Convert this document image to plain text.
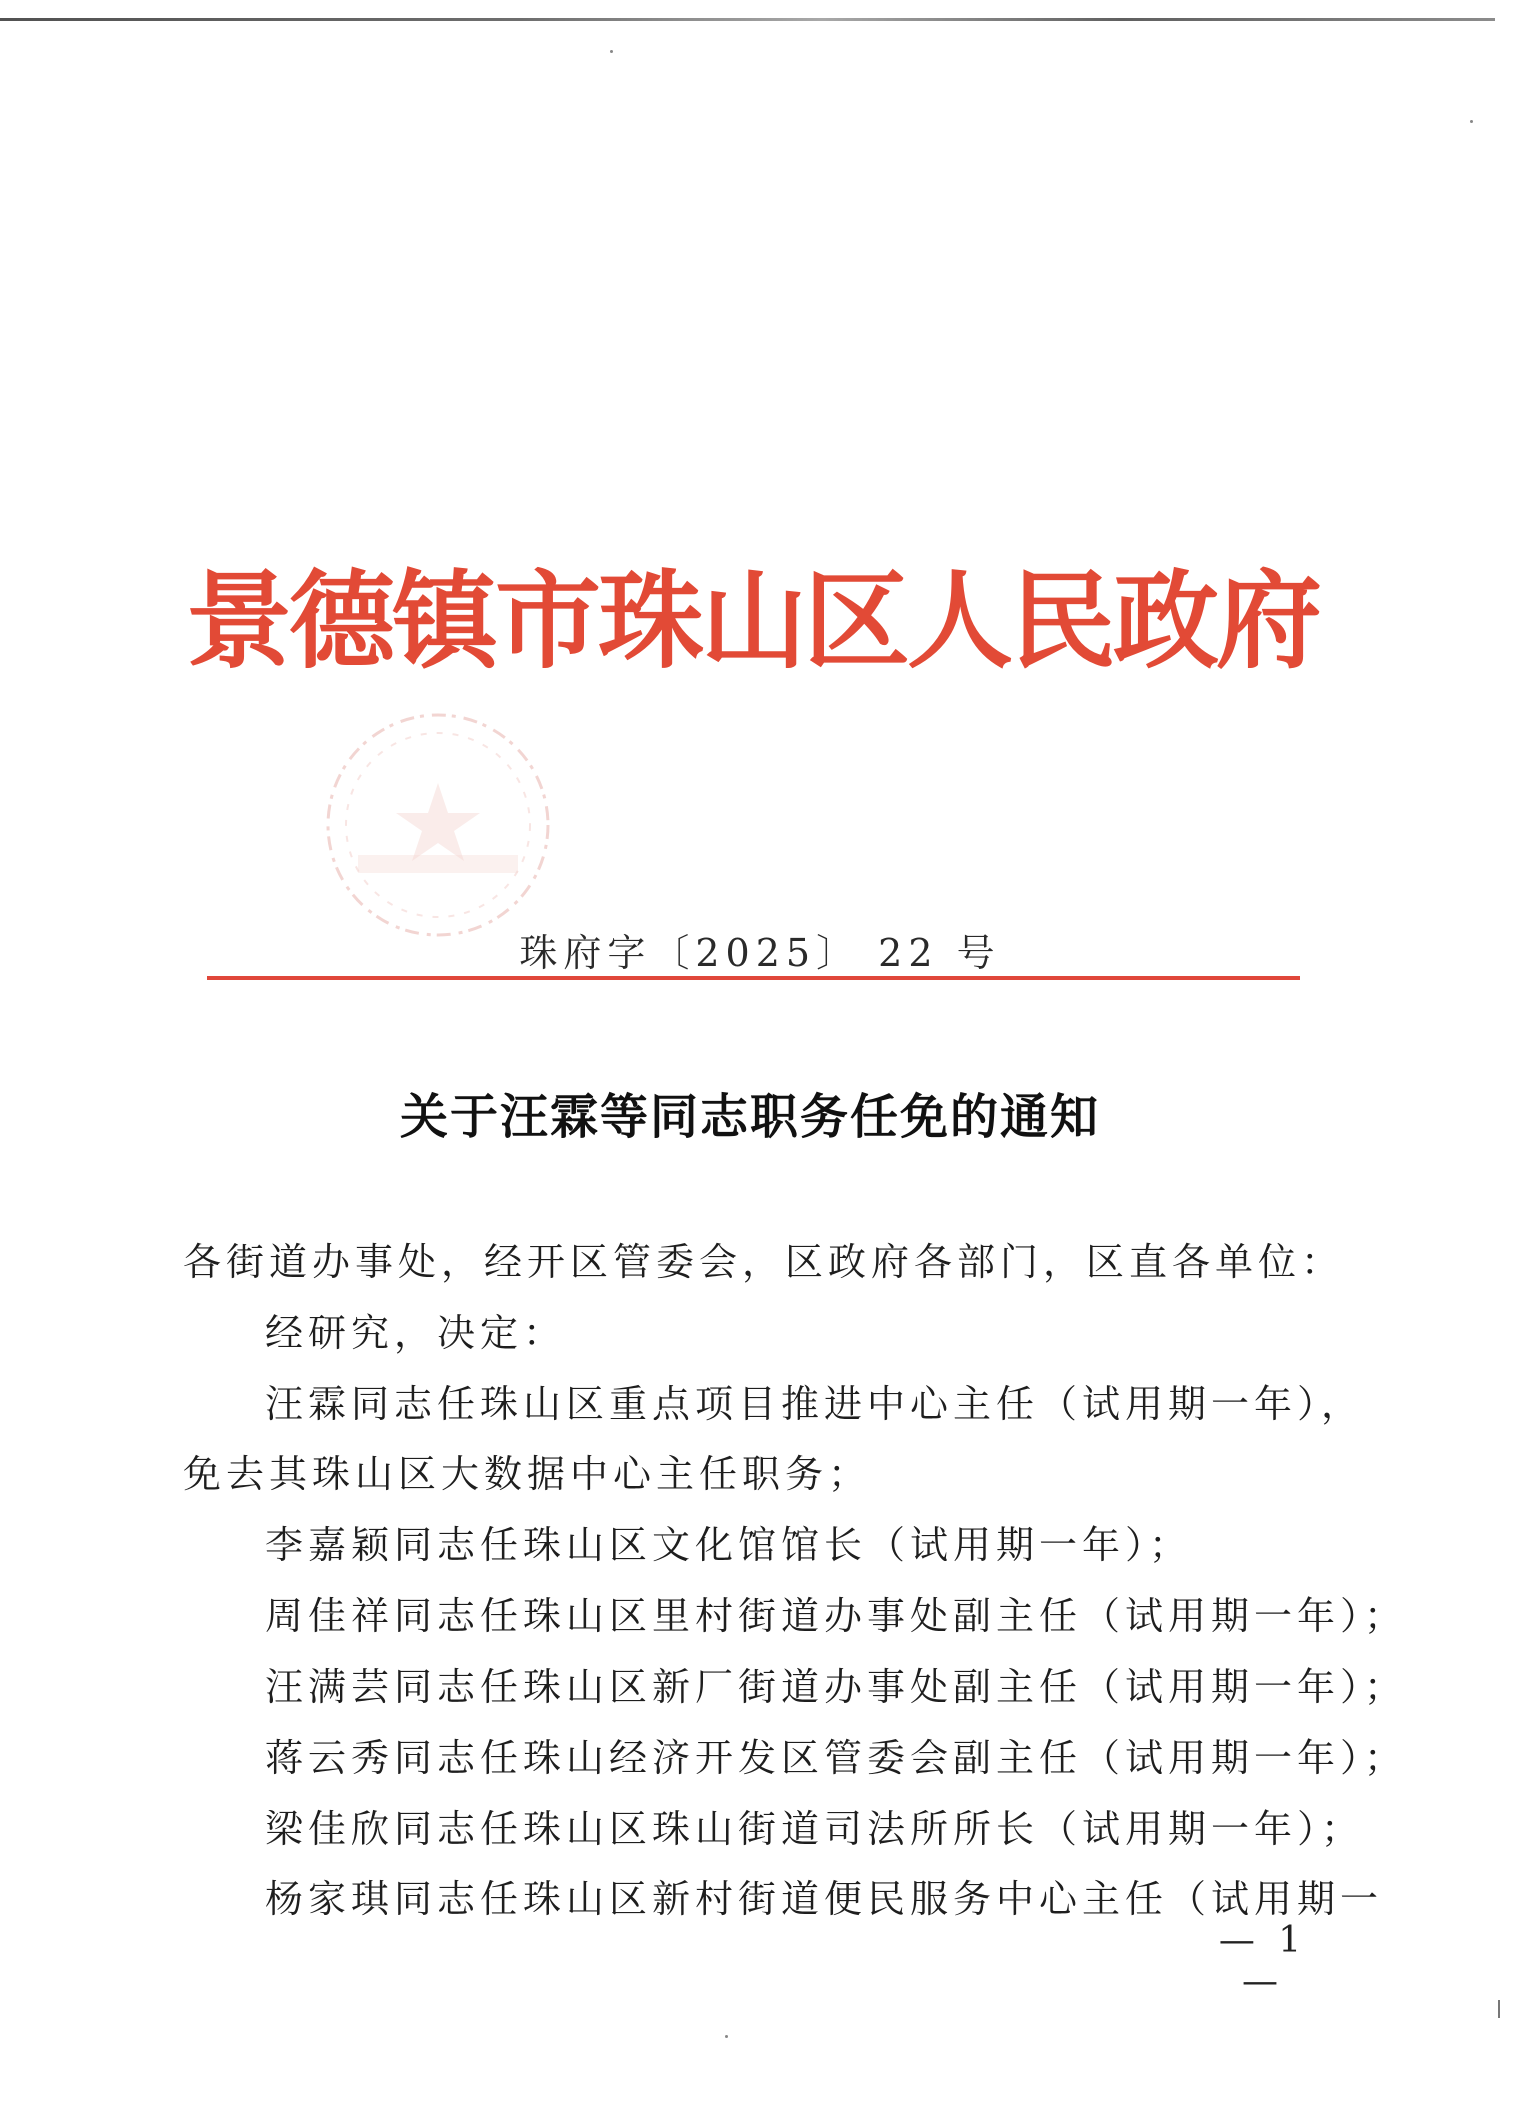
景德镇市珠山区人民政府
珠府字〔2025〕 22 号
关于汪霖等同志职务任免的通知
各街道办事处，经开区管委会，区政府各部门，区直各单位：
经研究，决定：
汪霖同志任珠山区重点项目推进中心主任（试用期一年），
免去其珠山区大数据中心主任职务；
李嘉颖同志任珠山区文化馆馆长（试用期一年）；
周佳祥同志任珠山区里村街道办事处副主任（试用期一年）；
汪满芸同志任珠山区新厂街道办事处副主任（试用期一年）；
蒋云秀同志任珠山经济开发区管委会副主任（试用期一年）；
梁佳欣同志任珠山区珠山街道司法所所长（试用期一年）；
杨家琪同志任珠山区新村街道便民服务中心主任（试用期一
— 1 —
